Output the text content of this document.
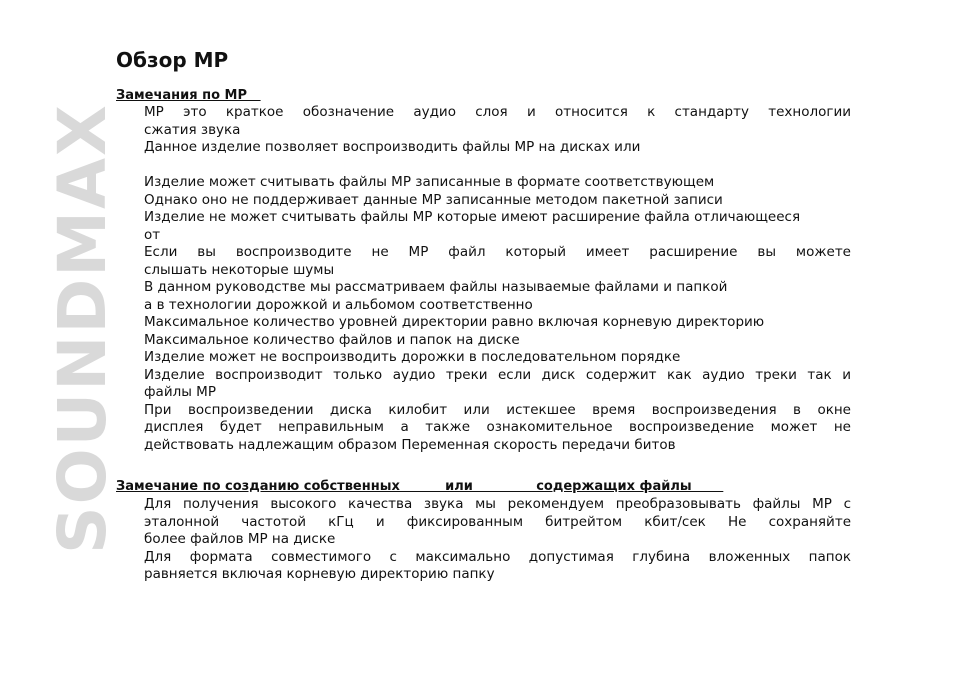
SOUNDMAX
Обзор MP
Замечания по MP
MP это краткое обозначение аудио слоя и относится к стандарту технологии
сжатия звука
Данное изделие позволяет воспроизводить файлы MP на дисках или
Изделие может считывать файлы MP записанные в формате соответствующем
Однако оно не поддерживает данные MP записанные методом пакетной записи
Изделие не может считывать файлы MP которые имеют расширение файла отличающееся
от
Если вы воспроизводите не MP файл который имеет расширение вы можете
слышать некоторые шумы
В данном руководстве мы рассматриваем файлы называемые файлами и папкой
а в технологии дорожкой и альбомом соответственно
Максимальное количество уровней директории равно включая корневую директорию
Максимальное количество файлов и папок на диске
Изделие может не воспроизводить дорожки в последовательном порядке
Изделие воспроизводит только аудио треки если диск содержит как аудио треки так и
файлы MP
При воспроизведении диска килобит или истекшее время воспроизведения в окне
дисплея будет неправильным а также ознакомительное воспроизведение может не
действовать надлежащим образом Переменная скорость передачи битов
Для получения высокого качества звука мы рекомендуем преобразовывать файлы MP с
эталонной частотой кГц и фиксированным битрейтом кбит/сек Не сохраняйте
более файлов MP на диске
Для формата совместимого с максимально допустимая глубина вложенных папок
равняется включая корневую директорию папку
Замечание по созданию собственных          или              содержащих файлы
